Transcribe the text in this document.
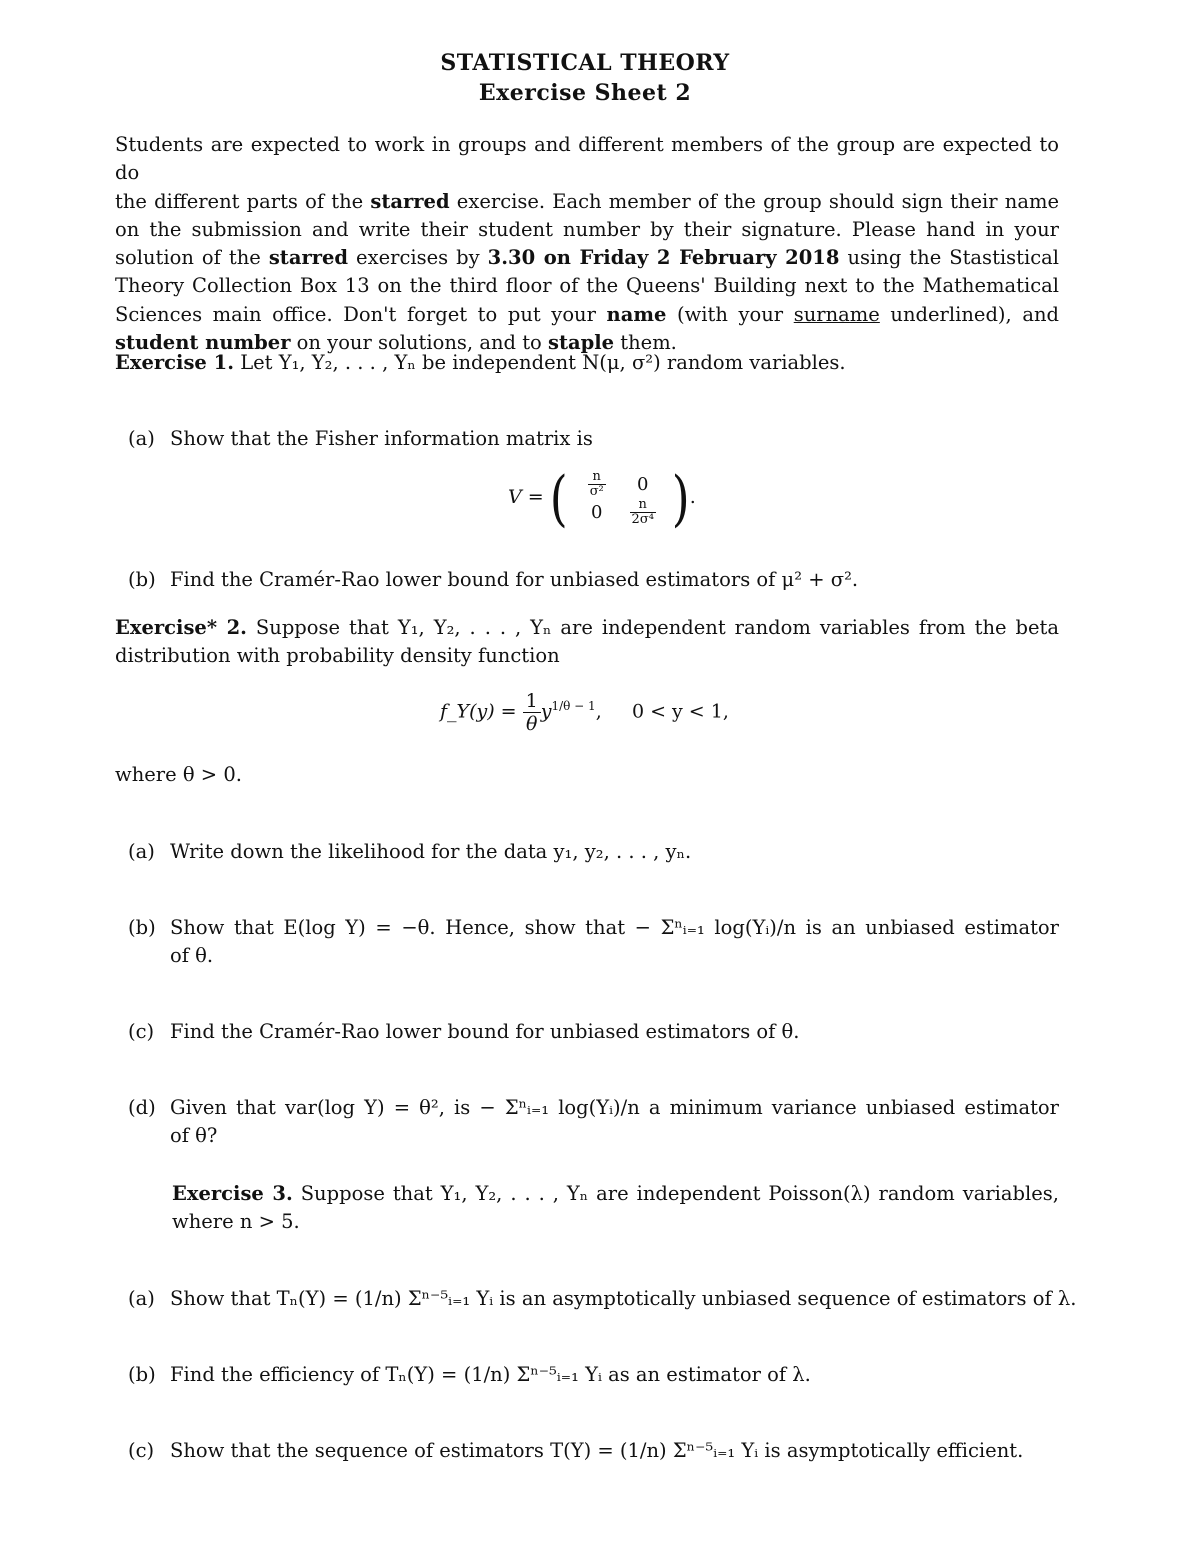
STATISTICAL THEORY
Exercise Sheet 2
Students are expected to work in groups and different members of the group are expected to do
the different parts of the starred exercise. Each member of the group should sign their name
on the submission and write their student number by their signature. Please hand in your
solution of the starred exercises by 3.30 on Friday 2 February 2018 using the Stastistical
Theory Collection Box 13 on the third floor of the Queens' Building next to the Mathematical
Sciences main office. Don't forget to put your name (with your surname underlined), and
student number on your solutions, and to staple them.
Exercise 1. Let Y₁, Y₂, . . . , Yₙ be independent N(μ, σ²) random variables.
(a) Show that the Fisher information matrix is
V = ( $\frac{n}{\text{σ²}} 0$
$0 \frac{n}{\text{2σ⁴}}$ ).
(b) Find the Cramér-Rao lower bound for unbiased estimators of μ² + σ².
Exercise* 2. Suppose that Y₁, Y₂, . . . , Yₙ are independent random variables from the beta
distribution with probability density function
f_Y(y) = $\frac{1}{\theta}y^{1/\theta - 1}$,     0 < y < 1,
where θ > 0.
(a) Write down the likelihood for the data y₁, y₂, . . . , yₙ.
(b) Show that E(log Y) = −θ. Hence, show that − Σⁿᵢ₌₁ log(Yᵢ)/n is an unbiased estimator
of θ.
(c) Find the Cramér-Rao lower bound for unbiased estimators of θ.
(d) Given that var(log Y) = θ², is − Σⁿᵢ₌₁ log(Yᵢ)/n a minimum variance unbiased estimator
of θ?
Exercise 3. Suppose that Y₁, Y₂, . . . , Yₙ are independent Poisson(λ) random variables,
where n > 5.
(a) Show that Tₙ(Y) = (1/n) Σⁿ⁻⁵ᵢ₌₁ Yᵢ is an asymptotically unbiased sequence of estimators of λ.
(b) Find the efficiency of Tₙ(Y) = (1/n) Σⁿ⁻⁵ᵢ₌₁ Yᵢ as an estimator of λ.
(c) Show that the sequence of estimators T(Y) = (1/n) Σⁿ⁻⁵ᵢ₌₁ Yᵢ is asymptotically efficient.
